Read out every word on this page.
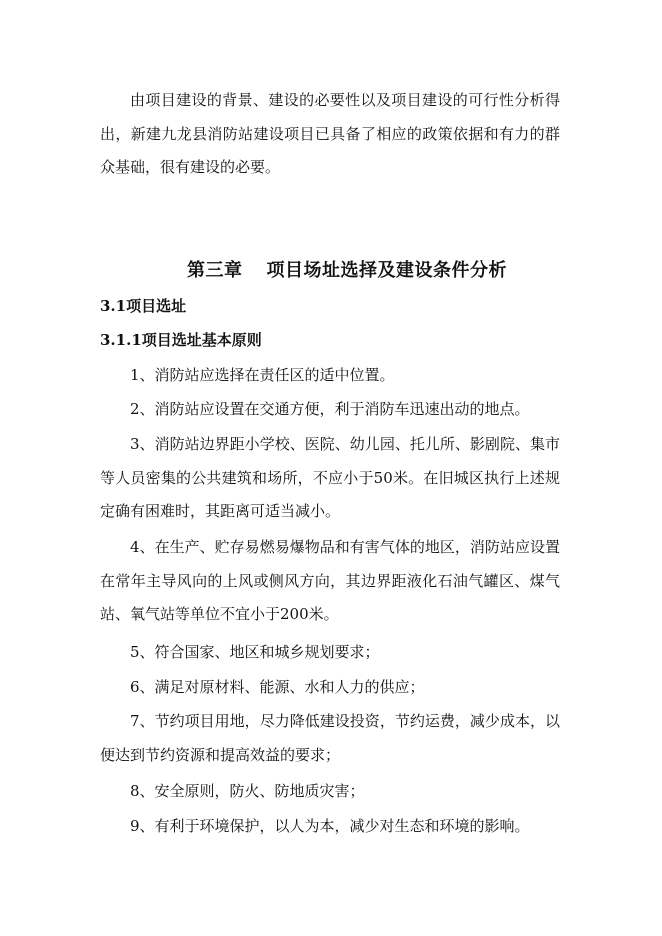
由项目建设的背景、建设的必要性以及项目建设的可行性分析得出，新建九龙县消防站建设项目已具备了相应的政策依据和有力的群众基础，很有建设的必要。

第三章 项目场址选择及建设条件分析
3.1项目选址
3.1.1项目选址基本原则

1、消防站应选择在责任区的适中位置。

2、消防站应设置在交通方便，利于消防车迅速出动的地点。

3、消防站边界距小学校、医院、幼儿园、托儿所、影剧院、集市等人员密集的公共建筑和场所，不应小于50米。在旧城区执行上述规定确有困难时，其距离可适当减小。

4、在生产、贮存易燃易爆物品和有害气体的地区，消防站应设置在常年主导风向的上风或侧风方向，其边界距液化石油气罐区、煤气站、氧气站等单位不宜小于200米。

5、符合国家、地区和城乡规划要求；

6、满足对原材料、能源、水和人力的供应；

7、节约项目用地，尽力降低建设投资，节约运费，减少成本，以便达到节约资源和提高效益的要求；

8、安全原则，防火、防地质灾害；

9、有利于环境保护，以人为本，减少对生态和环境的影响。
